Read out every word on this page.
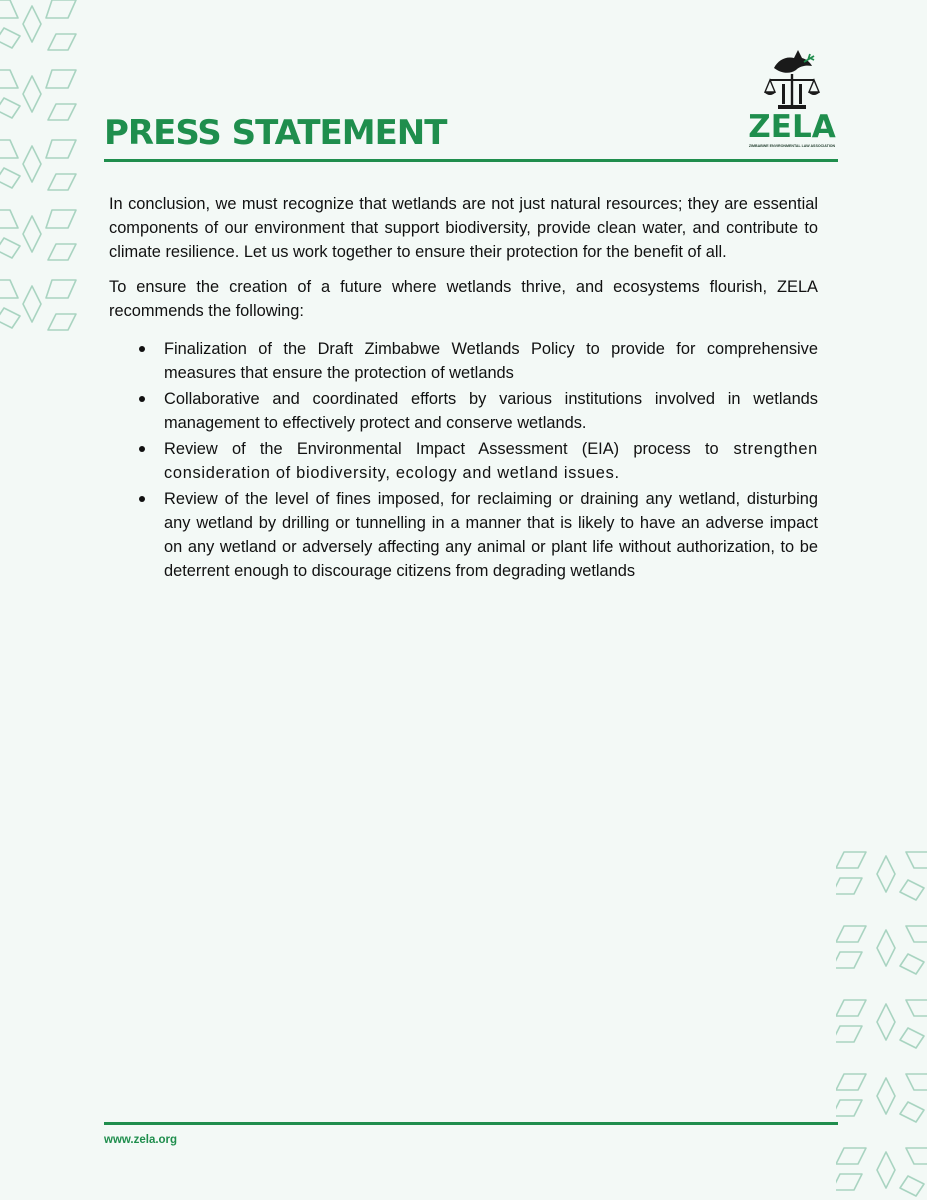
PRESS STATEMENT	ZELA
ZIMBABWE ENVIRONMENTAL LAW ASSOCIATION

In conclusion, we must recognize that wetlands are not just natural resources; they are essential components of our environment that support biodiversity, provide clean water, and contribute to climate resilience. Let us work together to ensure their protection for the benefit of all.

To ensure the creation of a future where wetlands thrive, and ecosystems flourish, ZELA recommends the following:

Finalization of the Draft Zimbabwe Wetlands Policy to provide for comprehensive measures that ensure the protection of wetlands
Collaborative and coordinated efforts by various institutions involved in wetlands management to effectively protect and conserve wetlands.
Review of the Environmental Impact Assessment (EIA) process to strengthen consideration of biodiversity, ecology and wetland issues.
Review of the level of fines imposed, for reclaiming or draining any wetland, disturbing any wetland by drilling or tunnelling in a manner that is likely to have an adverse impact on any wetland or adversely affecting any animal or plant life without authorization, to be deterrent enough to discourage citizens from degrading wetlands

www.zela.org
